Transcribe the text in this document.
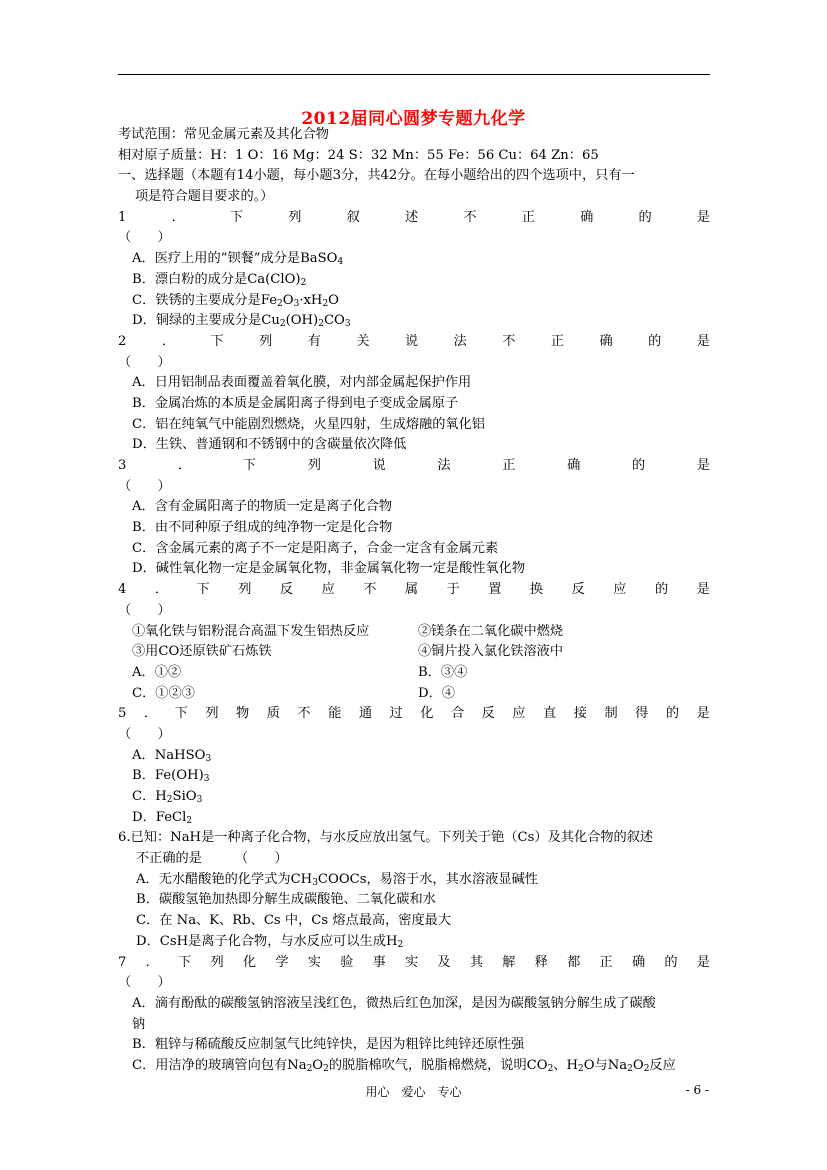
2012届同心圆梦专题九化学
考试范围：常见金属元素及其化合物
相对原子质量：H：1 O：16 Mg：24 S：32 Mn：55 Fe：56 Cu：64 Zn：65
一、选择题（本题有14小题，每小题3分，共42分。在每小题给出的四个选项中，只有一
项是符合题目要求的。）
1	．	下	列	叙	述	不	正	确	的	是
（　　）
A．医疗上用的“钡餐”成分是BaSO$_4$
B．漂白粉的成分是$Ca(ClO)_2$
C．铁锈的主要成分是$Fe_2O_3\cdot xH_2O$
D．铜绿的主要成分是$Cu_2(OH)_2CO_3$
2	．	下	列	有	关	说	法	不	正	确	的	是
（　　）
A．日用铝制品表面覆盖着氧化膜，对内部金属起保护作用
B．金属冶炼的本质是金属阳离子得到电子变成金属原子
C．铝在纯氧气中能剧烈燃烧，火星四射，生成熔融的氧化铝
D．生铁、普通钢和不锈钢中的含碳量依次降低
3	．	下	列	说	法	正	确	的	是
（　　）
A．含有金属阳离子的物质一定是离子化合物
B．由不同种原子组成的纯净物一定是化合物
C．含金属元素的离子不一定是阳离子，合金一定含有金属元素
D．碱性氧化物一定是金属氧化物，非金属氧化物一定是酸性氧化物
4 ． 下 列 反 应 不 属 于 置 换 反 应 的 是
（　　）
①氧化铁与铝粉混合高温下发生铝热反应	②镁条在二氧化碳中燃烧
③用CO还原铁矿石炼铁	④铜片投入氯化铁溶液中
A．①②	B．③④
C．①②③	D．④
5 ． 下 列 物 质 不 能 通 过 化 合 反 应 直 接 制 得 的 是
（　　）
A．NaHSO$_3$
B．$Fe(OH)_3$
C．$H_2SiO_3$
D．FeCl$_2$
6.已知：NaH是一种离子化合物，与水反应放出氢气。下列关于铯（Cs）及其化合物的叙述
不正确的是　　　（　　）
A．无水醋酸铯的化学式为$CH_3COOCs$，易溶于水，其水溶液显碱性
B．碳酸氢铯加热即分解生成碳酸铯、二氧化碳和水
C．在 Na、K、Rb、Cs 中，Cs 熔点最高，密度最大
D．CsH是离子化合物，与水反应可以生成$H_2$
7 ． 下 列 化 学 实 验 事 实 及 其 解 释 都 正 确 的 是
（　　）
A．滴有酚酞的碳酸氢钠溶液呈浅红色，微热后红色加深，是因为碳酸氢钠分解生成了碳酸
钠
B．粗锌与稀硫酸反应制氢气比纯锌快，是因为粗锌比纯锌还原性强
C．用洁净的玻璃管向包有$Na_2O_2$的脱脂棉吹气，脱脂棉燃烧，说明$CO_2$、$H_2O$与$Na_2O_2$反应
用心　爱心　专心	- 6 -
